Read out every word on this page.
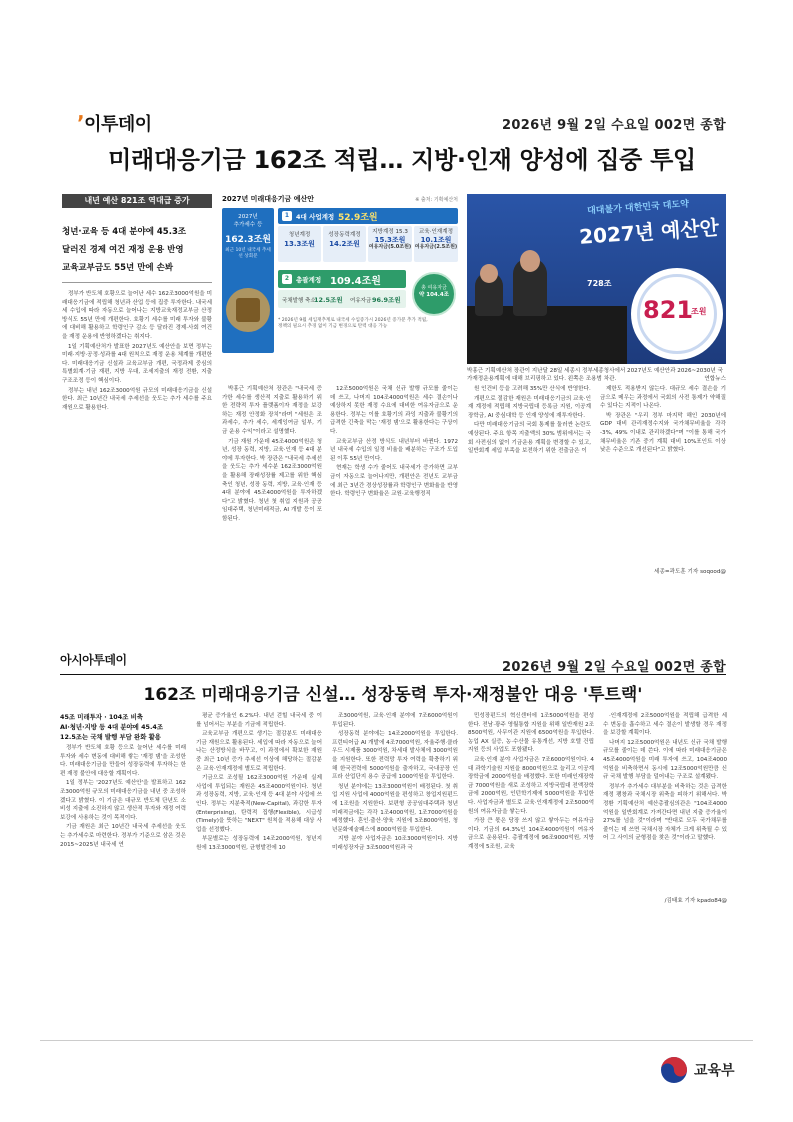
ʼ이투데이	2026년 9월 2일 수요일 002면 종합
미래대응기금 162조 적립… 지방·인재 양성에 집중 투입
내년 예산 821조 역대급 증가
청년·교육 등 4대 분야에 45.3조
달러진 경제 여건 재정 운용 반영
교육교부금도 55년 만에 손봐

정부가 반도체 호황으로 늘어난 세수 162조3000억원을 미래대응기금에 적립해 청년과 산업 등에 집중 투자한다. 내국세 세 수입에 따라 자동으로 늘어나는 지방교육재정교부금 산정 방식도 55년 만에 개편한다. 호황기 세수를 미래 투자와 불황에 대비해 활용하고 학령인구 감소 등 달라진 경제·사회 여건을 재정 운용에 반영하겠다는 취지다.

1일 기획예산처가 발표한 2027년도 예산안을 보면 정부는 미래·지방·공정·성과를 4대 원칙으로 재정 운용 체계를 개편한다. 미래대응기금 신설과 교육교부금 개편, 국정과제 중심의 특별회계·기금 재편, 지방 우대, 조세지출의 재정 전환, 지출 구조조정 등이 핵심이다.

정부는 내년 162조3000억원 규모의 미래대응기금을 신설한다. 최근 10년간 내국세 추세선을 웃도는 추가 세수를 주요 재원으로 활용한다.

박홍근 기획예산처 장관은 "내국세 증가한 세수를 생산적 지출로 활용하기 위한 전략적 투자 플랫폼이자 재정을 보강하는 재정 안정화 장치"라며 "세원은 조과세수, 추가 세수, 세계잉여금 일부, 기금 운용 수익"이라고 설명했다.

기금 재원 가운데 45조4000억원은 청년, 성장 동력, 지방, 교육·인재 등 4대 분야에 투자한다. 박 장관은 "내국세 추세선을 웃도는 추가 세수분 162조3000억원을 활용해 장래성장률 제고를 위한 핵심 축인 청년, 성장 동력, 지방, 교육·인재 등 4대 분야에 45조4000억원을 투자하겠다"고 밝혔다. 청년 첫 취업 지원과 공공임대주택, 청년미래적금, AI 개발 등이 포함된다.

12조5000억원은 국채 신규 발행 규모를 줄이는 데 쓰고, 나머지 104조4000억원은 세수 결손이나 예상하지 못한 재정 수요에 대비한 여유자금으로 운용한다. 정부는 이를 호황기의 과잉 지출과 불황기의 급격한 긴축을 막는 '재정 댐'으로 활용한다는 구상이다.

교육교부금 산정 방식도 내년부터 바뀐다. 1972년 내국세 수입의 일정 비율을 배분하는 구조가 도입된 이후 55년 만이다.

현재는 학생 수가 줄어도 내국세가 증가하면 교부금이 자동으로 늘어나지만, 개편안은 전년도 교부금에 최근 3년간 경상성장률과 학령인구 변화율을 반영한다. 학령인구 변화율은 교원·교육행정직

원 인건비 등을 고려해 35%만 산식에 반영한다.

개편으로 절감한 재원은 미래대응기금의 교육·인재 계정에 적립해 지방국립대 등록금 지원, 이공계 장학금, AI 중심대학 등 인재 양성에 재투자한다.

다만 미래대응기금의 국회 통제를 둘러싼 논란도 예상된다. 주요 항목 지출액의 30% 범위에서는 국회 사전심의 없이 기금운용 계획을 변경할 수 있고, 일반회계 세입 부족을 보전하기 위한 전출금은 이

제한도 적용받지 않는다. 대규모 세수 결손을 기금으로 메우는 과정에서 국회의 사전 통제가 약해질 수 있다는 지적이 나온다.

박 장관은 "우리 정부 마지막 해인 2030년에 GDP 대비 관리재정수지와 국가채무비율을 각각 -3%, 49% 이내로 관리하겠다"며 "이를 통해 국가채무비율은 기존 중기 계획 대비 10%포인트 이상 낮은 수준으로 개선된다"고 밝혔다.

세종=곽도훈 기자 soqood@
2027년 미래대응기금 예산안	※ 출처: 기획예산처
2027년
추가세수 등
162.3조원
최근 10년 내국세 추세선 상회분
1	4대 사업계정 52.9조원
청년계정
13.3조원
성장동력계정
14.2조원
지방계정 15.3
15.3조원
여유자금(5.0조원)
교육·인재계정
10.1조원
여유자금(2.5조원)
2	총괄계정 109.4조원
국채발행 축소
12.5조원 여유자금 96.9조원
총 여유자금
약 104.4조
* 2026년 9월 세입재추계로 내국세 수입증가시 2026년 증가분 추가 적립,
정책의 필요시 추경 없이 기금 변경으로 탄력 대응 가능
대대불가 대한민국 대도약
2027년 예산안
821
조원
728조
박홍근 기획예산처 장관이 지난달 28일 세종시 정부세종청사에서 2027년도 예산안과 2026~2030년 국가재정운용계획에 대해 브리핑하고 있다. 왼쪽은 조용범 차관.	연합뉴스
아시아투데이	2026년 9월 2일 수요일 002면 종합
162조 미래대응기금 신설… 성장동력 투자·재정불안 대응 '투트랙'
45조 미래투자 · 104조 비축
AI·청년·지방 등 4대 분야에 45.4조
12.5조는 국채 발행 부담 완화 활용

정부가 반도체 호황 등으로 늘어난 세수를 미래 투자와 세수 변동에 대비해 쌓는 '재정 댐'을 조성한다. 미래대응기금을 만들어 성장동력에 투자하는 한편 재정 불안에 대응할 계획이다.

1일 정부는 '2027년도 예산안'을 발표하고 162조3000억원 규모의 미래대응기금을 내년 중 조성하겠다고 밝혔다. 이 기금은 대규모 반도체 단년도 소비성 지출에 소진하지 않고 생산적 투자와 재정 여력 보강에 사용하는 것이 목적이다.

기금 재원은 최근 10년간 내국세 추세선을 웃도는 추가세수로 마련한다. 정부가 기준으로 삼은 것은 2015~2025년 내국세 연

평균 증가율인 6.2%다. 내년 걷힐 내국세 중 이를 넘어서는 부분을 기금에 적립한다.

교육교부금 개편으로 생기는 절감분도 미래대응기금 재원으로 활용된다. 세입에 따라 자동으로 늘어나는 산정방식을 바꾸고, 이 과정에서 확보한 재원 중 최근 10년 증가 추세선 이상에 해당하는 절감분은 교육·인재계정에 별도로 적립한다.

기금으로 조성될 162조3000억원 가운데 실제 사업에 투입되는 재원은 45조4000억원이다. 청년과 성장동력, 지방, 교육·인재 등 4대 분야 사업에 쓰인다. 정부는 지분축적(New-Capital), 과감한 투자(Enterprising), 탄력적 집행(Flexible), 시급성(Timely)을 뜻하는 "NEXT" 원칙을 적용해 대상 사업을 선정했다.

부문별로는 성장동력에 14조2000억원, 청년지원에 13조3000억원, 균형발전에 10

조3000억원, 교육·인재 분야에 7조6000억원이 투입된다.

성장동력 분야에는 14조2000억원을 투입한다. 프런티어급 AI 개발에 4조7000억원, 자율주행·클라우드 시제품 3000억원, 차세대 발사체에 3000억원을 지원한다. 또한 전력망 투자 여력을 확충하기 위해 한국전력에 5000억원을 출자하고, 국내공장 인프라 산업단지 용수 공급에 1000억원을 투입한다.

청년 분야에는 13조3000억원이 배정된다. 첫 취업 지원 사업에 4000억원을 편성하고 창업지원펀드에 1조원을 지원한다. 보편형 공공임대주택과 청년미래적금에는 각각 1조4000억원, 1조7000억원을 배정했다. 혼인·출산·양육 지원에 3조8000억원, 청년문화예술패스에 8000억원을 투입한다.

지방 분야 사업자금은 10조3000억원이다. 지방미래성장자금 3조5000억원과 국

민성장펀드의 혁신센터에 1조5000억원을 편성한다. 전남·광주 영월통합 지원을 위해 일반재원 2조8500억원, 사무이관 지원에 6500억원을 투입한다. 농업 AX 실증, 농·수산물 유통개선, 지방 호텔 건립 지원 등의 사업도 포함됐다.

교육·인재 분야 사업자금은 7조6000억원이다. 4대 과학기술원 지원을 8000억원으로 늘리고 이공계 장학금에 2000억원을 배정했다. 또한 미래인재장학금 7000억원을 새로 조성하고 지방국립대 전액장학금에 2000억원, 인턴학기제에 5000억원을 투입한다. 사업자금과 별도로 교육·인재계정에 2조5000억원의 여유자금을 쌓는다.

가장 큰 몫은 당장 쓰지 않고 쌓아두는 여유자금이다. 기금의 64.3%인 104조4000억원이 여유자금으로 운용된다. 총괄계정에 96조9000억원, 지방계정에 5조원, 교육

·인재계정에 2조5000억원을 적립해 급격한 세수 변동을 흡수하고 세수 결손이 발생할 경우 재정을 보강할 계획이다.

나머지 12조5000억원은 내년도 신규 국채 발행 규모를 줄이는 데 쓴다. 이에 따라 미래대응기금은 45조4000억원을 미래 투자에 쓰고, 104조4000억원을 비축하면서 동시에 12조5000억원만큼 신규 국채 발행 부담을 덜어내는 구조로 설계됐다.

정부가 추가세수 대부분을 비축하는 것은 급격한 재정 팽창과 국채시장 위축을 피하기 위해서다. 박정환 기획예산처 예산총괄심의관은 "104조4000억원을 일반회계로 가져간다면 내년 지출 증가율이 27%를 넘을 것"이라며 "반대로 모두 국가채무를 줄이는 데 쓰면 국채시장 자체가 크게 위축될 수 있어 그 사이의 균형점을 찾은 것"이라고 말했다.

/김태효 기자 kpado84@
교육부
